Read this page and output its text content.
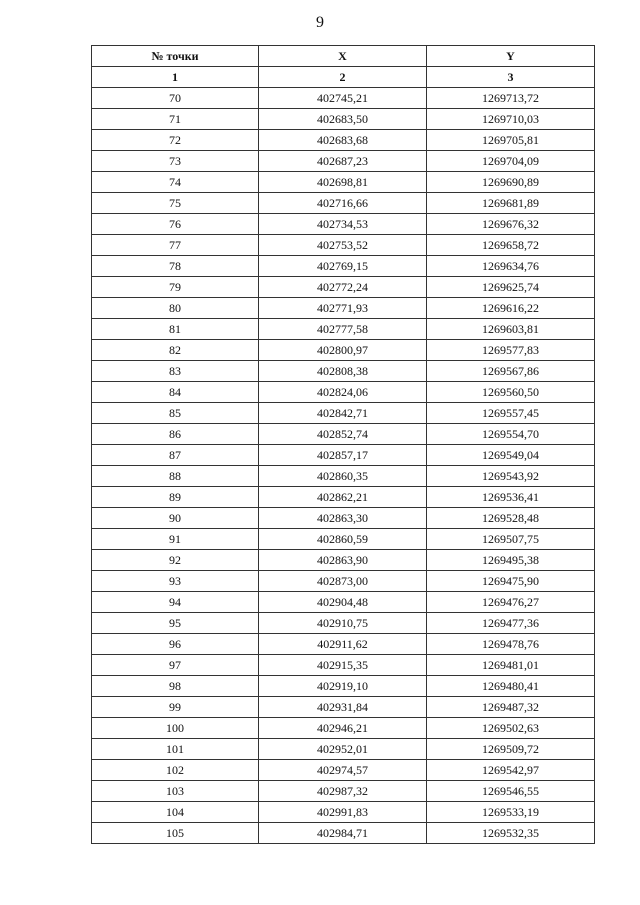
9
№ точки	X	Y
1	2	3
70	402745,21	1269713,72
71	402683,50	1269710,03
72	402683,68	1269705,81
73	402687,23	1269704,09
74	402698,81	1269690,89
75	402716,66	1269681,89
76	402734,53	1269676,32
77	402753,52	1269658,72
78	402769,15	1269634,76
79	402772,24	1269625,74
80	402771,93	1269616,22
81	402777,58	1269603,81
82	402800,97	1269577,83
83	402808,38	1269567,86
84	402824,06	1269560,50
85	402842,71	1269557,45
86	402852,74	1269554,70
87	402857,17	1269549,04
88	402860,35	1269543,92
89	402862,21	1269536,41
90	402863,30	1269528,48
91	402860,59	1269507,75
92	402863,90	1269495,38
93	402873,00	1269475,90
94	402904,48	1269476,27
95	402910,75	1269477,36
96	402911,62	1269478,76
97	402915,35	1269481,01
98	402919,10	1269480,41
99	402931,84	1269487,32
100	402946,21	1269502,63
101	402952,01	1269509,72
102	402974,57	1269542,97
103	402987,32	1269546,55
104	402991,83	1269533,19
105	402984,71	1269532,35
